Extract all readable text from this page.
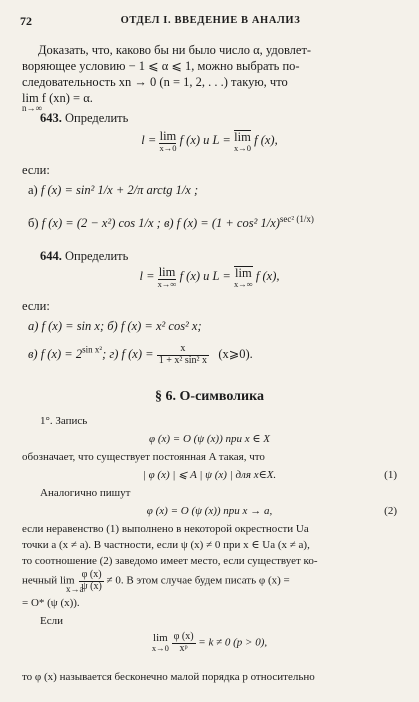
72	ОТДЕЛ I. ВВЕДЕНИЕ В АНАЛИЗ
Доказать, что, каково бы ни было число α, удовлет-
воряющее условию − 1 ⩽ α ⩽ 1, можно выбрать по-
следовательность xn → 0 (n = 1, 2, . . .) такую, что
lim f (xn) = α.
n→∞
643. Определить
l = lim
x→0
f (x) и L = lim
x→0
f (x),
если:
а) f (x) = sin² 1/x + 2/π arctg 1/x ;
б) f (x) = (2 − x²) cos 1/x ; в) f (x) = (1 + cos² 1/x)$^{sec^2 (1/x)}$
644. Определить
l = lim
x→∞
f (x) и L = lim
x→∞
f (x),
если:
а) f (x) = sin x; б) f (x) = x² cos² x;
в) f $(x) = 2^{sin x^2}$; г) f $(x) = \frac{x}{\text{1 + x² sin² x}}$ (x⩾0).
§ 6. O-символика
1°. Запись
φ (x) = O (ψ (x)) при x ∈ X
обозначает, что существует постоянная A такая, что
| φ (x) | ⩽ A | ψ (x) | для x∈X.	(1)
Аналогично пишут
φ (x) = O (ψ (x)) при x → a,	(2)
если неравенство (1) выполнено в некоторой окрестности Ua
точки a (x ≠ a). В частности, если ψ (x) ≠ 0 при x ∈ Ua (x ≠ a),
то соотношение (2) заведомо имеет место, если существует ко-
нечный $\lim \frac{\varphi (x)}{\psi (x)} \ne 0$. В этом случае будем писать φ (x) =
x→a
= O* (ψ (x)).
Если
lim
x→0
$\frac{\varphi (x)}{\text{xᵖ}} = k \ne 0$ (p > 0),
то φ (x) называется бесконечно малой порядка p относительно
